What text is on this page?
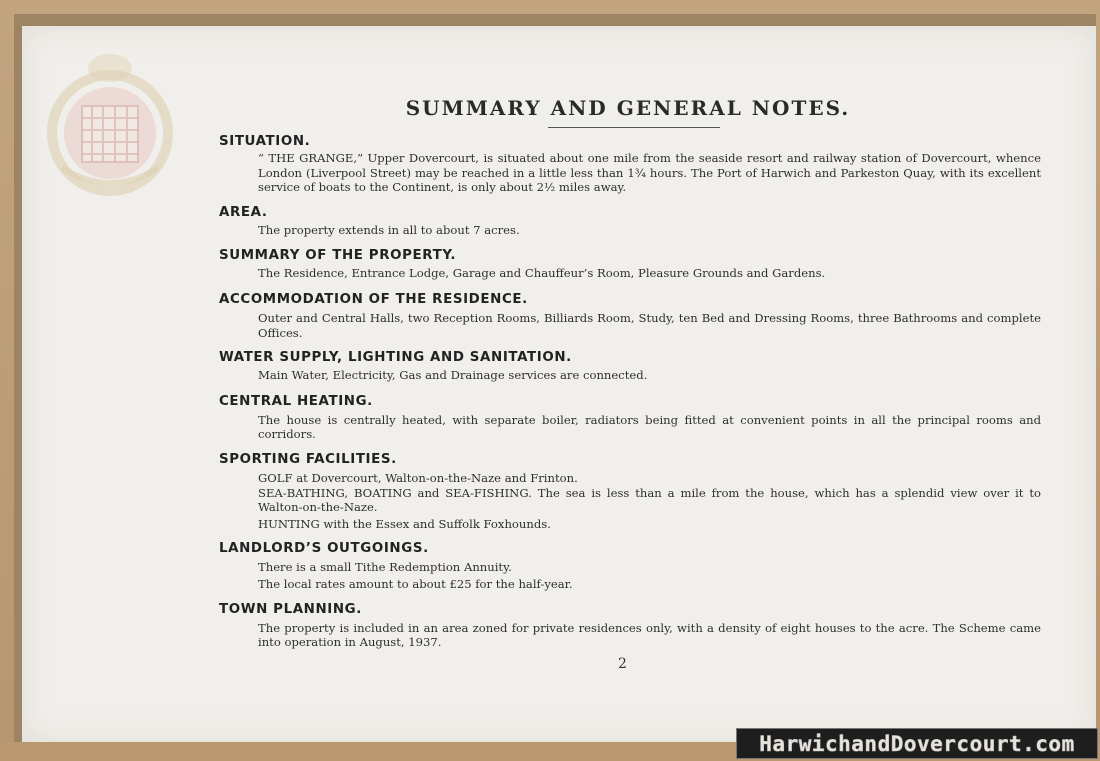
SUMMARY AND GENERAL NOTES.

SITUATION.

“ THE GRANGE,” Upper Dovercourt, is situated about one mile from the seaside resort and railway station of Dovercourt, whence London (Liverpool Street) may be reached in a little less than 1¾ hours. The Port of Harwich and Parkeston Quay, with its excellent service of boats to the Continent, is only about 2½ miles away.

AREA.

The property extends in all to about 7 acres.

SUMMARY OF THE PROPERTY.

The Residence, Entrance Lodge, Garage and Chauffeur’s Room, Pleasure Grounds and Gardens.

ACCOMMODATION OF THE RESIDENCE.

Outer and Central Halls, two Reception Rooms, Billiards Room, Study, ten Bed and Dressing Rooms, three Bathrooms and complete Offices.

WATER SUPPLY, LIGHTING AND SANITATION.

Main Water, Electricity, Gas and Drainage services are connected.

CENTRAL HEATING.

The house is centrally heated, with separate boiler, radiators being fitted at convenient points in all the principal rooms and corridors.

SPORTING FACILITIES.

GOLF at Dovercourt, Walton-on-the-Naze and Frinton.

SEA-BATHING, BOATING and SEA-FISHING. The sea is less than a mile from the house, which has a splendid view over it to Walton-on-the-Naze.

HUNTING with the Essex and Suffolk Foxhounds.

LANDLORD’S OUTGOINGS.

There is a small Tithe Redemption Annuity.

The local rates amount to about £25 for the half-year.

TOWN PLANNING.

The property is included in an area zoned for private residences only, with a density of eight houses to the acre. The Scheme came into operation in August, 1937.

2
HarwichandDovercourt.com
